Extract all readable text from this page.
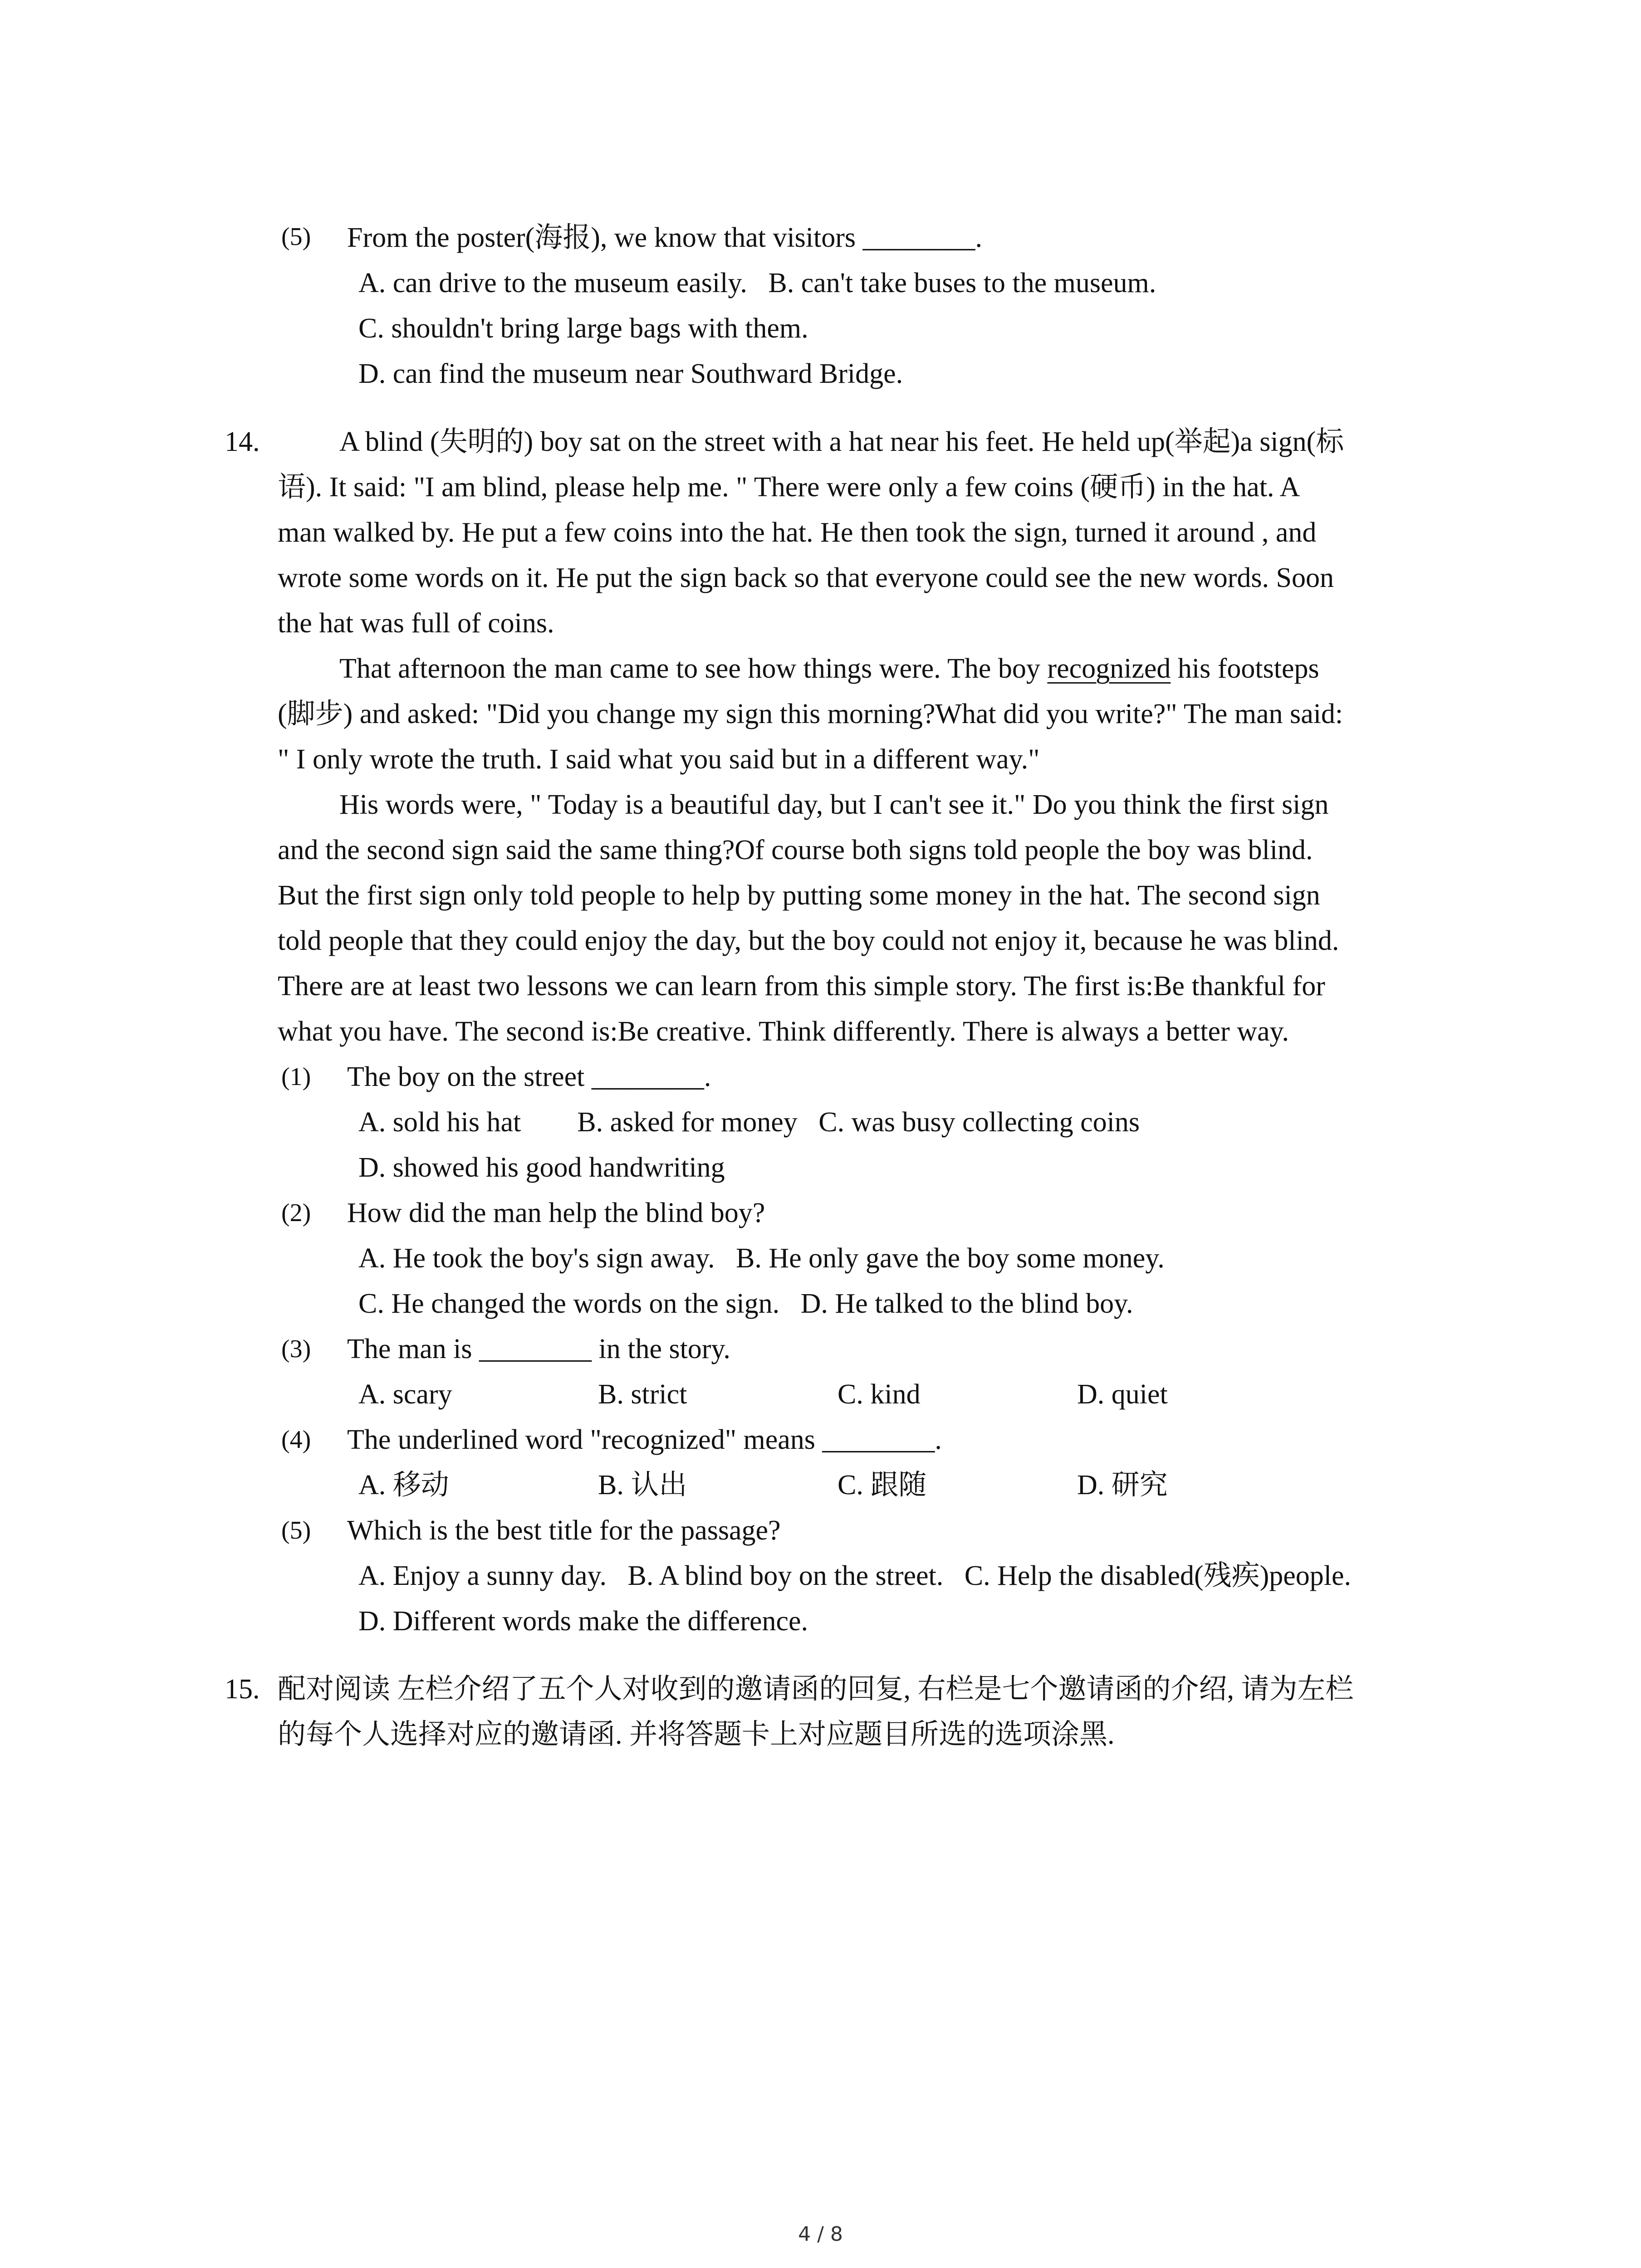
(5) From the poster(海报), we know that visitors ________.
A. can drive to the museum easily.   B. can't take buses to the museum.
C. shouldn't bring large bags with them.
D. can find the museum near Southward Bridge.
14.	A blind (失明的) boy sat on the street with a hat near his feet. He held up(举起)a sign(标
语). It said: "I am blind, please help me. " There were only a few coins (硬币) in the hat. A
man walked by. He put a few coins into the hat. He then took the sign, turned it around , and
wrote some words on it. He put the sign back so that everyone could see the new words. Soon
the hat was full of coins.
That afternoon the man came to see how things were. The boy recognized his footsteps
(脚步) and asked: "Did you change my sign this morning?What did you write?" The man said:
" I only wrote the truth. I said what you said but in a different way."
His words were, " Today is a beautiful day, but I can't see it." Do you think the first sign
and the second sign said the same thing?Of course both signs told people the boy was blind.
But the first sign only told people to help by putting some money in the hat. The second sign
told people that they could enjoy the day, but the boy could not enjoy it, because he was blind.
There are at least two lessons we can learn from this simple story. The first is:Be thankful for
what you have. The second is:Be creative. Think differently. There is always a better way.
(1) The boy on the street ________.
A. sold his hat        B. asked for money   C. was busy collecting coins
D. showed his good handwriting
(2) How did the man help the blind boy?
A. He took the boy's sign away.   B. He only gave the boy some money.
C. He changed the words on the sign.   D. He talked to the blind boy.
(3) The man is ________ in the story.
A. scary	B. strict	C. kind	D. quiet
(4) The underlined word "recognized" means ________.
A. 移动	B. 认出	C. 跟随	D. 研究
(5) Which is the best title for the passage?
A. Enjoy a sunny day.   B. A blind boy on the street.   C. Help the disabled(残疾)people.
D. Different words make the difference.
15. 配对阅读 左栏介绍了五个人对收到的邀请函的回复, 右栏是七个邀请函的介绍, 请为左栏
的每个人选择对应的邀请函. 并将答题卡上对应题目所选的选项涂黑.
4 / 8
